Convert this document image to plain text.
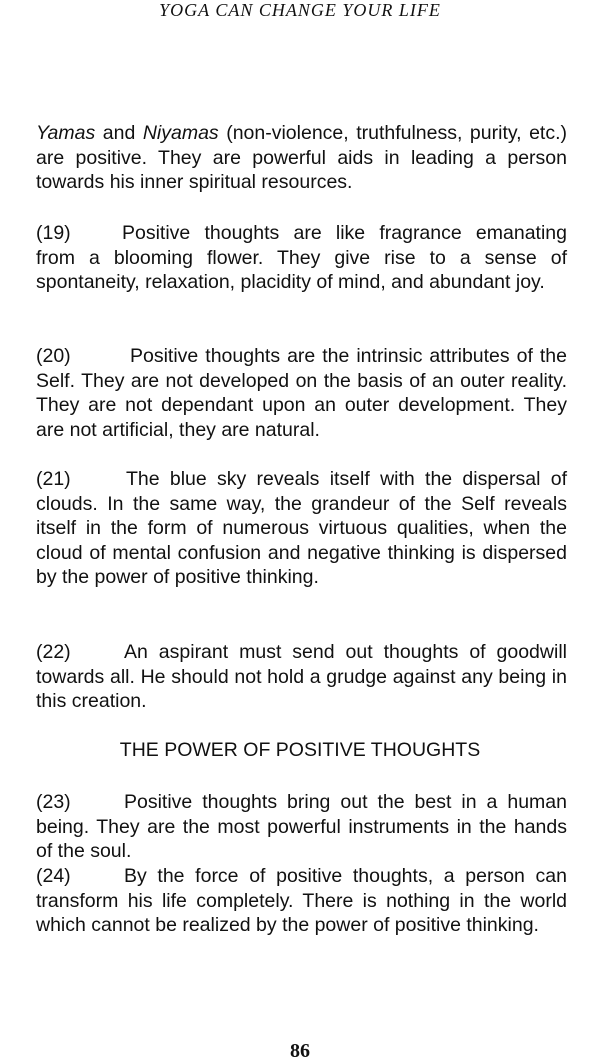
YOGA CAN CHANGE YOUR LIFE

Yamas and Niyamas (non-violence, truthfulness, purity, etc.) are positive. They are powerful aids in leading a person towards his inner spiritual resources.

(19)	Positive thoughts are like fragrance emanating from a blooming flower. They give rise to a sense of spontaneity, relaxation, placidity of mind, and abundant joy.

(20)	Positive thoughts are the intrinsic attributes of the Self. They are not developed on the basis of an outer reality. They are not dependant upon an outer development. They are not artificial, they are natural.

(21)	The blue sky reveals itself with the dispersal of clouds. In the same way, the grandeur of the Self reveals itself in the form of numerous virtuous qualities, when the cloud of mental confusion and negative thinking is dispersed by the power of positive thinking.

(22)	An aspirant must send out thoughts of goodwill towards all. He should not hold a grudge against any being in this creation.

THE POWER OF POSITIVE THOUGHTS

(23)	Positive thoughts bring out the best in a human being. They are the most powerful instruments in the hands of the soul.

(24)	By the force of positive thoughts, a person can transform his life completely. There is nothing in the world which cannot be realized by the power of positive thinking.

86
